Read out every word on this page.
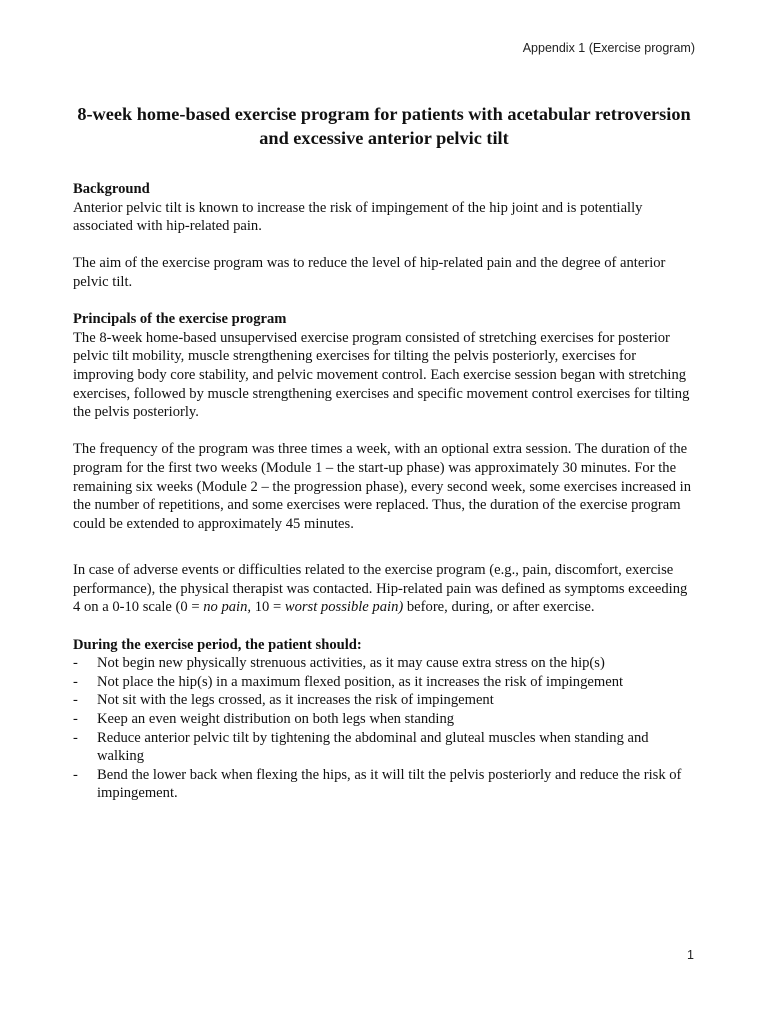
Appendix 1 (Exercise program)
8-week home-based exercise program for patients with acetabular retroversion and excessive anterior pelvic tilt
Background

Anterior pelvic tilt is known to increase the risk of impingement of the hip joint and is potentially associated with hip-related pain.

The aim of the exercise program was to reduce the level of hip-related pain and the degree of anterior pelvic tilt.

Principals of the exercise program

The 8-week home-based unsupervised exercise program consisted of stretching exercises for posterior pelvic tilt mobility, muscle strengthening exercises for tilting the pelvis posteriorly, exercises for improving body core stability, and pelvic movement control. Each exercise session began with stretching exercises, followed by muscle strengthening exercises and specific movement control exercises for tilting the pelvis posteriorly.

The frequency of the program was three times a week, with an optional extra session. The duration of the program for the first two weeks (Module 1 – the start-up phase) was approximately 30 minutes. For the remaining six weeks (Module 2 – the progression phase), every second week, some exercises increased in the number of repetitions, and some exercises were replaced. Thus, the duration of the exercise program could be extended to approximately 45 minutes.

In case of adverse events or difficulties related to the exercise program (e.g., pain, discomfort, exercise performance), the physical therapist was contacted. Hip-related pain was defined as symptoms exceeding 4 on a 0-10 scale (0 = no pain, 10 = worst possible pain) before, during, or after exercise.

During the exercise period, the patient should:
- Not begin new physically strenuous activities, as it may cause extra stress on the hip(s)
- Not place the hip(s) in a maximum flexed position, as it increases the risk of impingement
- Not sit with the legs crossed, as it increases the risk of impingement
- Keep an even weight distribution on both legs when standing
- Reduce anterior pelvic tilt by tightening the abdominal and gluteal muscles when standing and walking
- Bend the lower back when flexing the hips, as it will tilt the pelvis posteriorly and reduce the risk of impingement.
1
